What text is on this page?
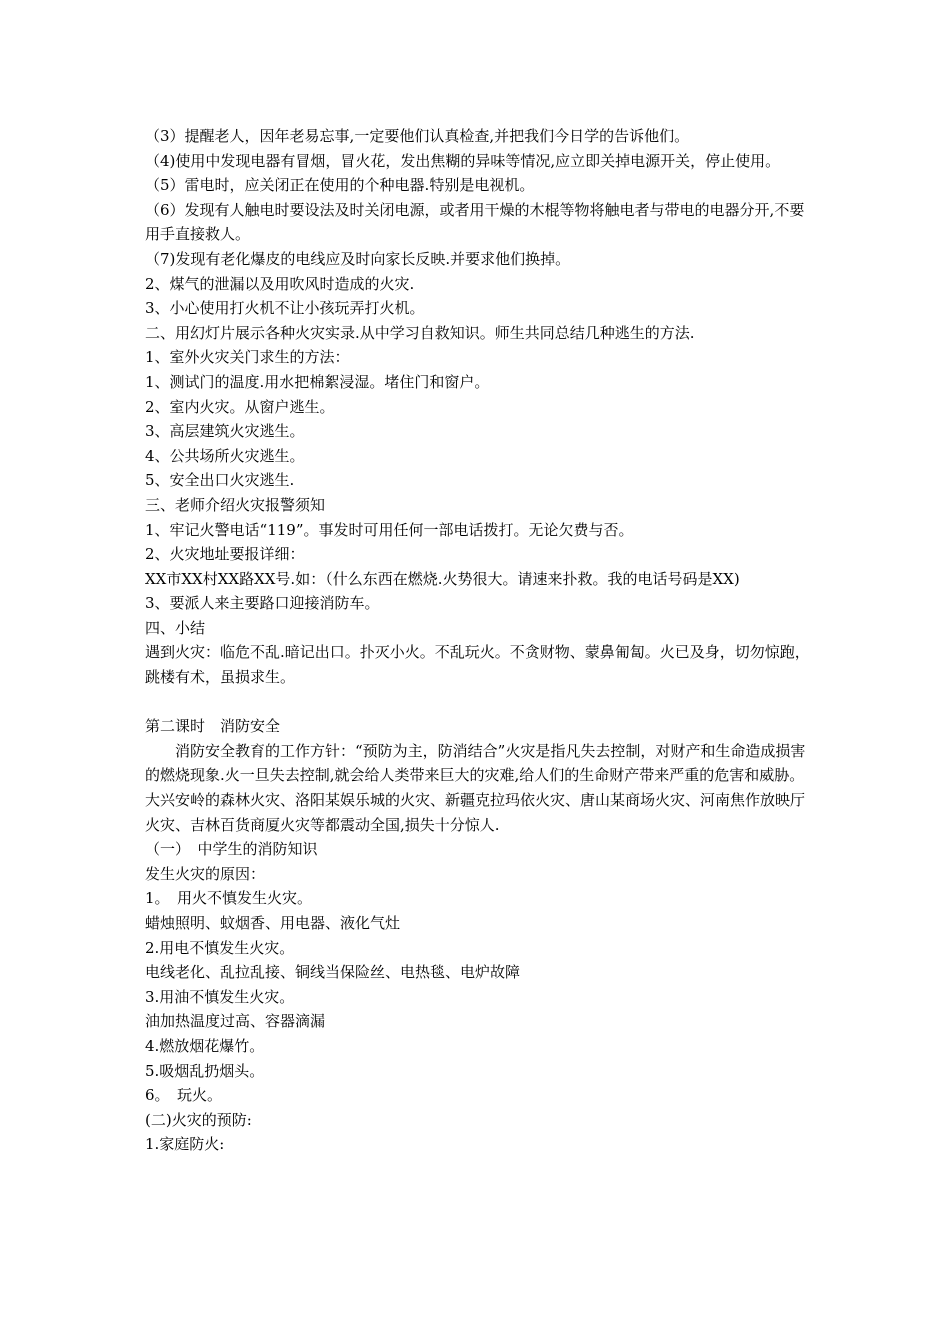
（3）提醒老人，因年老易忘事,一定要他们认真检查,并把我们今日学的告诉他们。

（4)使用中发现电器有冒烟，冒火花，发出焦糊的异味等情况,应立即关掉电源开关，停止使用。

（5）雷电时，应关闭正在使用的个种电器.特别是电视机。

（6）发现有人触电时要设法及时关闭电源，或者用干燥的木棍等物将触电者与带电的电器分开,不要用手直接救人。

（7)发现有老化爆皮的电线应及时向家长反映.并要求他们换掉。

2、煤气的泄漏以及用吹风时造成的火灾.

3、小心使用打火机不让小孩玩弄打火机。

二、用幻灯片展示各种火灾实录.从中学习自救知识。师生共同总结几种逃生的方法.

1、室外火灾关门求生的方法：

1、测试门的温度.用水把棉絮浸湿。堵住门和窗户。

2、室内火灾。从窗户逃生。

3、高层建筑火灾逃生。

4、公共场所火灾逃生。

5、安全出口火灾逃生.

三、老师介绍火灾报警须知

1、牢记火警电话“119”。事发时可用任何一部电话拨打。无论欠费与否。

2、火灾地址要报详细：

XX市XX村XX路XX号.如：（什么东西在燃烧.火势很大。请速来扑救。我的电话号码是XX)

3、要派人来主要路口迎接消防车。

四、小结

遇到火灾：临危不乱.暗记出口。扑灭小火。不乱玩火。不贪财物、蒙鼻匍匐。火已及身，切勿惊跑，跳楼有术，虽损求生。

第二课时　消防安全

消防安全教育的工作方针：“预防为主，防消结合”火灾是指凡失去控制，对财产和生命造成损害的燃烧现象.火一旦失去控制,就会给人类带来巨大的灾难,给人们的生命财产带来严重的危害和威胁。大兴安岭的森林火灾、洛阳某娱乐城的火灾、新疆克拉玛依火灾、唐山某商场火灾、河南焦作放映厅火灾、吉林百货商厦火灾等都震动全国,损失十分惊人.

（一）　中学生的消防知识

发生火灾的原因：

1。　用火不慎发生火灾。

蜡烛照明、蚊烟香、用电器、液化气灶

2.用电不慎发生火灾。

电线老化、乱拉乱接、铜线当保险丝、电热毯、电炉故障

3.用油不慎发生火灾。

油加热温度过高、容器滴漏

4.燃放烟花爆竹。

5.吸烟乱扔烟头。

6。　玩火。

(二)火灾的预防:

1.家庭防火:
